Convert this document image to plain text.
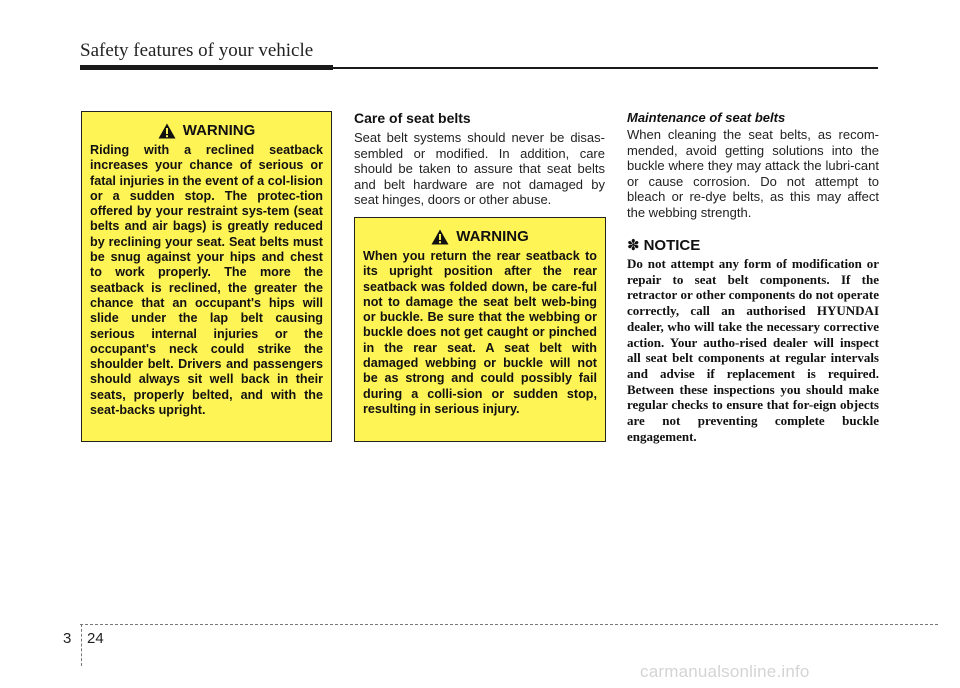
Safety features of your vehicle
WARNING

Riding with a reclined seatback increases your chance of serious or fatal injuries in the event of a col-lision or a sudden stop. The protec-tion offered by your restraint sys-tem (seat belts and air bags) is greatly reduced by reclining your seat. Seat belts must be snug against your hips and chest to work properly. The more the seatback is reclined, the greater the chance that an occupant's hips will slide under the lap belt causing serious internal injuries or the occupant's neck could strike the shoulder belt. Drivers and passengers should always sit well back in their seats, properly belted, and with the seat-backs upright.

Care of seat belts

Seat belt systems should never be disas-sembled or modified. In addition, care should be taken to assure that seat belts and belt hardware are not damaged by seat hinges, doors or other abuse.

WARNING

When you return the rear seatback to its upright position after the rear seatback was folded down, be care-ful not to damage the seat belt web-bing or buckle. Be sure that the webbing or buckle does not get caught or pinched in the rear seat. A seat belt with damaged webbing or buckle will not be as strong and could possibly fail during a colli-sion or sudden stop, resulting in serious injury.

Maintenance of seat belts

When cleaning the seat belts, as recom-mended, avoid getting solutions into the buckle where they may attack the lubri-cant or cause corrosion. Do not attempt to bleach or re-dye belts, as this may affect the webbing strength.

✽ NOTICE

Do not attempt any form of modification or repair to seat belt components. If the retractor or other components do not operate correctly, call an authorised HYUNDAI dealer, who will take the necessary corrective action. Your autho-rised dealer will inspect all seat belt components at regular intervals and advise if replacement is required. Between these inspections you should make regular checks to ensure that for-eign objects are not preventing complete buckle engagement.

3 24
carmanualsonline.info
